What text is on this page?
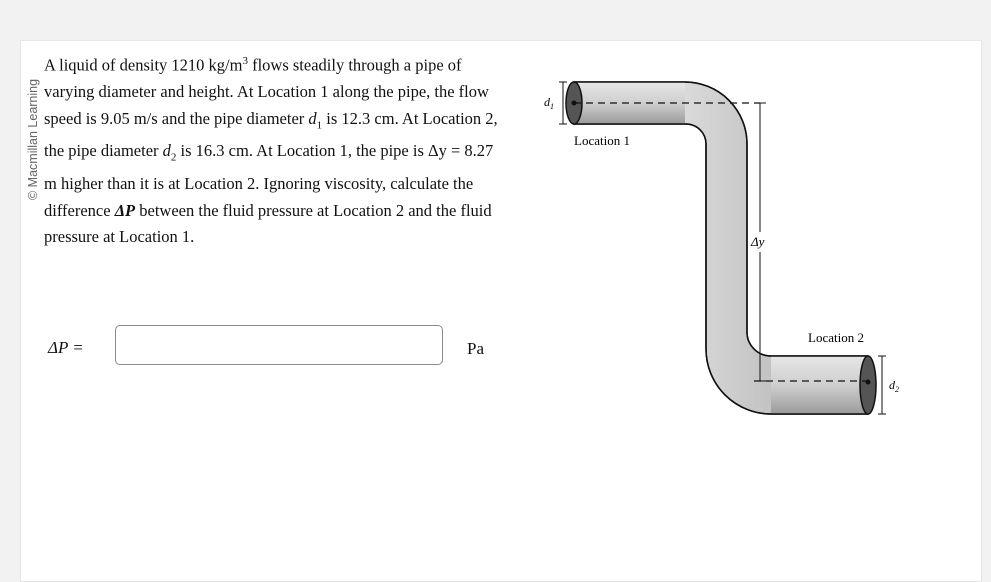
© Macmillan Learning
A liquid of density 1210 $kg/m^3$ flows steadily through a pipe of varying diameter and height. At Location 1 along the pipe, the flow speed is 9.05 m/s and the pipe diameter $d_1$ is 12.3 cm. At Location 2, the pipe diameter $d_2$ is 16.3 cm. At Location 1, the pipe is Δy = 8.27 m higher than it is at Location 2. Ignoring viscosity, calculate the difference ΔP between the fluid pressure at Location 2 and the fluid pressure at Location 1.
ΔP =	Pa
Δy
$d_1$
$d_2$
Location 1
Location 2
